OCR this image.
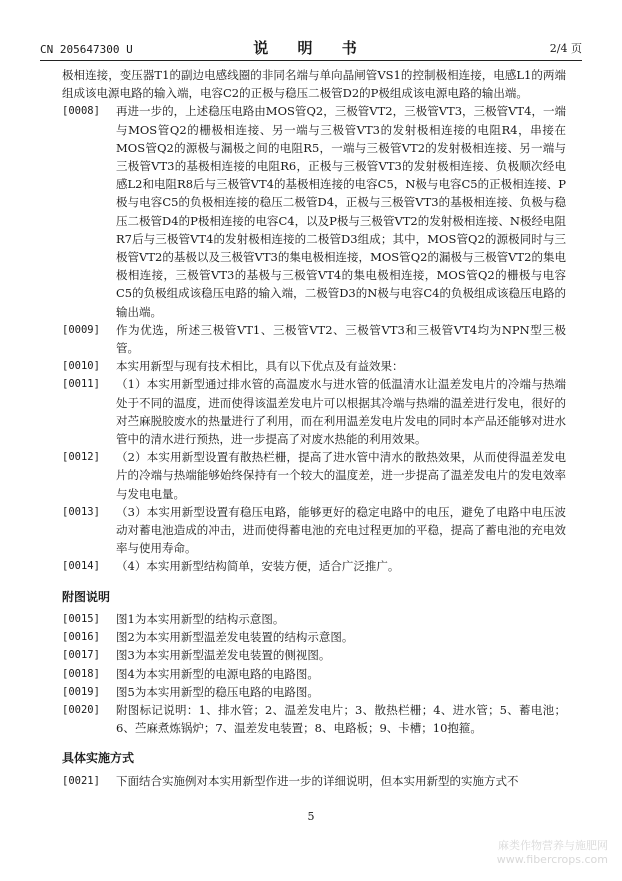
CN 205647300 U	说 明 书	2/4 页

极相连接，变压器T1的副边电感线圈的非同名端与单向晶闸管VS1的控制极相连接，电感L1的两端组成该电源电路的输入端，电容C2的正极与稳压二极管D2的P极组成该电源电路的输出端。

[0008]	再进一步的，上述稳压电路由MOS管Q2，三极管VT2，三极管VT3，三极管VT4，一端与MOS管Q2的栅极相连接、另一端与三极管VT3的发射极相连接的电阻R4，串接在MOS管Q2的源极与漏极之间的电阻R5，一端与三极管VT2的发射极相连接、另一端与三极管VT3的基极相连接的电阻R6，正极与三极管VT3的发射极相连接、负极顺次经电感L2和电阻R8后与三极管VT4的基极相连接的电容C5，N极与电容C5的正极相连接、P极与电容C5的负极相连接的稳压二极管D4，正极与三极管VT3的基极相连接、负极与稳压二极管D4的P极相连接的电容C4，以及P极与三极管VT2的发射极相连接、N极经电阻R7后与三极管VT4的发射极相连接的二极管D3组成；其中，MOS管Q2的源极同时与三极管VT2的基极以及三极管VT3的集电极相连接，MOS管Q2的漏极与三极管VT2的集电极相连接，三极管VT3的基极与三极管VT4的集电极相连接，MOS管Q2的栅极与电容C5的负极组成该稳压电路的输入端，二极管D3的N极与电容C4的负极组成该稳压电路的输出端。
[0009]	作为优选，所述三极管VT1、三极管VT2、三极管VT3和三极管VT4均为NPN型三极管。
[0010]	本实用新型与现有技术相比，具有以下优点及有益效果：
[0011]	（1）本实用新型通过排水管的高温废水与进水管的低温清水让温差发电片的冷端与热端处于不同的温度，进而使得该温差发电片可以根据其冷端与热端的温差进行发电，很好的对苎麻脱胶废水的热量进行了利用，而在利用温差发电片发电的同时本产品还能够对进水管中的清水进行预热，进一步提高了对废水热能的利用效果。
[0012]	（2）本实用新型设置有散热栏栅，提高了进水管中清水的散热效果，从而使得温差发电片的冷端与热端能够始终保持有一个较大的温度差，进一步提高了温差发电片的发电效率与发电电量。
[0013]	（3）本实用新型设置有稳压电路，能够更好的稳定电路中的电压，避免了电路中电压波动对蓄电池造成的冲击，进而使得蓄电池的充电过程更加的平稳，提高了蓄电池的充电效率与使用寿命。
[0014]	（4）本实用新型结构简单，安装方便，适合广泛推广。
附图说明
[0015]	图1为本实用新型的结构示意图。
[0016]	图2为本实用新型温差发电装置的结构示意图。
[0017]	图3为本实用新型温差发电装置的侧视图。
[0018]	图4为本实用新型的电源电路的电路图。
[0019]	图5为本实用新型的稳压电路的电路图。
[0020]	附图标记说明：1、排水管；2、温差发电片；3、散热栏栅；4、进水管；5、蓄电池；6、苎麻煮炼锅炉；7、温差发电装置；8、电路板；9、卡槽；10抱箍。
具体实施方式
[0021]	下面结合实施例对本实用新型作进一步的详细说明，但本实用新型的实施方式不
5
麻类作物营养与施肥网
www.fibercrops.com
